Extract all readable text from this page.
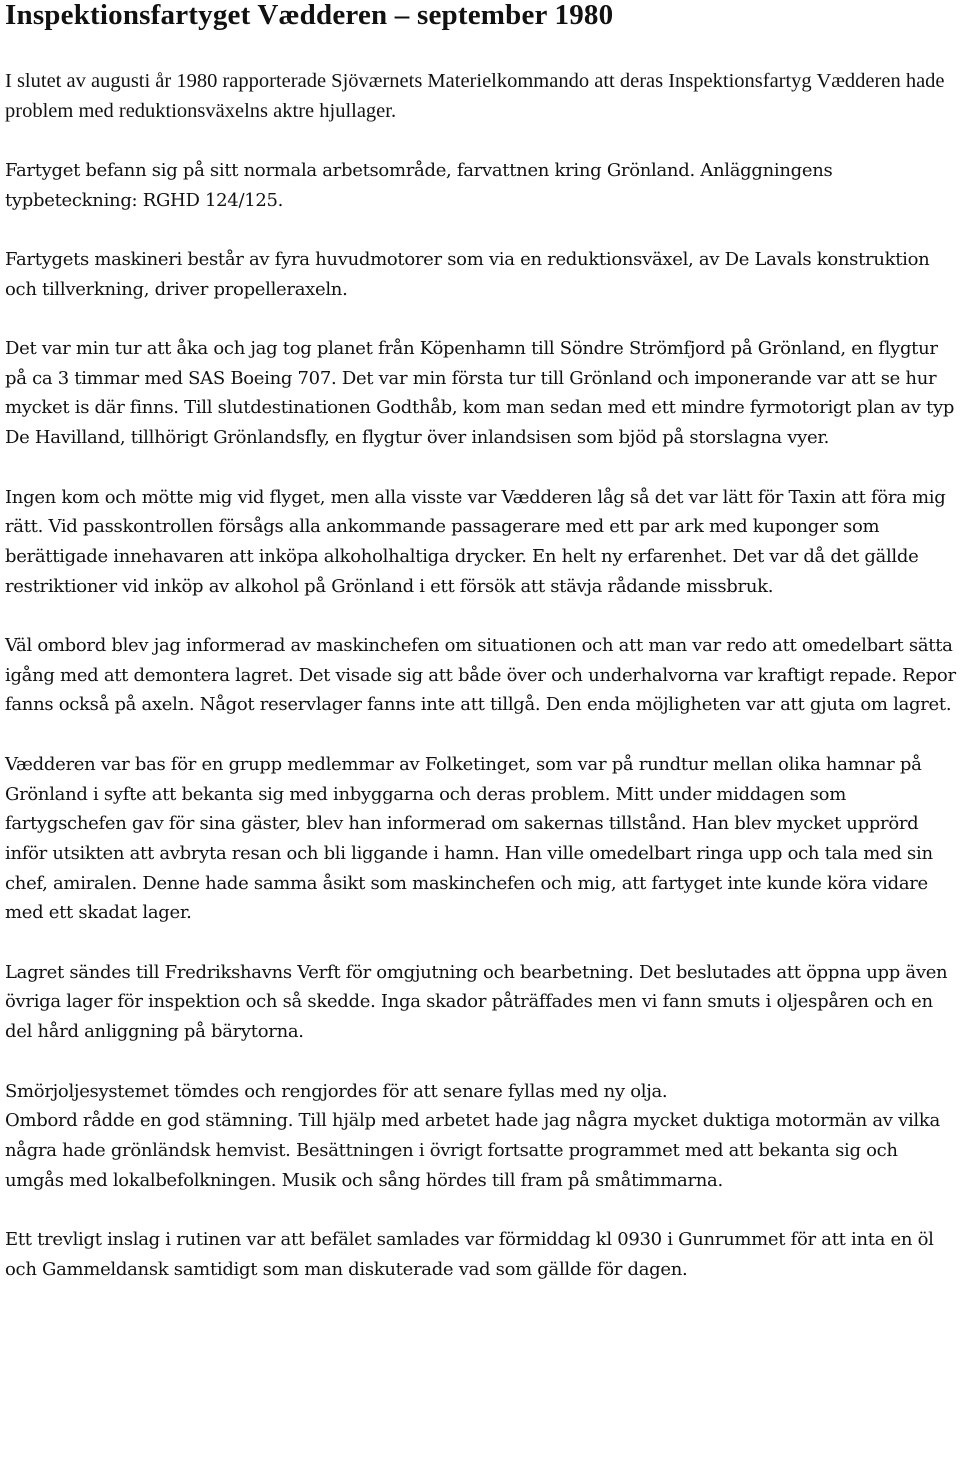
Inspektionsfartyget Vædderen – september 1980

I slutet av augusti år 1980 rapporterade Sjöværnets Materielkommando att deras Inspektionsfartyg Vædderen hade problem med reduktionsväxelns aktre hjullager.

Fartyget befann sig på sitt normala arbetsområde, farvattnen kring Grönland. Anläggningens typbeteckning: RGHD 124/125.

Fartygets maskineri består av fyra huvudmotorer som via en reduktionsväxel, av De Lavals konstruktion och tillverkning, driver propelleraxeln.

Det var min tur att åka och jag tog planet från Köpenhamn till Söndre Strömfjord på Grönland, en flygtur på ca 3 timmar med SAS Boeing 707. Det var min första tur till Grönland och imponerande var att se hur mycket is där finns. Till slutdestinationen Godthåb, kom man sedan med ett mindre fyrmotorigt plan av typ De Havilland, tillhörigt Grönlandsfly, en flygtur över inlandsisen som bjöd på storslagna vyer.

Ingen kom och mötte mig vid flyget, men alla visste var Vædderen låg så det var lätt för Taxin att föra mig rätt. Vid passkontrollen försågs alla ankommande passagerare med ett par ark med kuponger som berättigade innehavaren att inköpa alkoholhaltiga drycker. En helt ny erfarenhet. Det var då det gällde restriktioner vid inköp av alkohol på Grönland i ett försök att stävja rådande missbruk.

Väl ombord blev jag informerad av maskinchefen om situationen och att man var redo att omedelbart sätta igång med att demontera lagret. Det visade sig att både över och underhalvorna var kraftigt repade. Repor fanns också på axeln. Något reservlager fanns inte att tillgå. Den enda möjligheten var att gjuta om lagret.

Vædderen var bas för en grupp medlemmar av Folketinget, som var på rundtur mellan olika hamnar på Grönland i syfte att bekanta sig med inbyggarna och deras problem. Mitt under middagen som fartygschefen gav för sina gäster, blev han informerad om sakernas tillstånd. Han blev mycket upprörd inför utsikten att avbryta resan och bli liggande i hamn. Han ville omedelbart ringa upp och tala med sin chef, amiralen. Denne hade samma åsikt som maskinchefen och mig, att fartyget inte kunde köra vidare med ett skadat lager.

Lagret sändes till Fredrikshavns Verft för omgjutning och bearbetning. Det beslutades att öppna upp även övriga lager för inspektion och så skedde. Inga skador påträffades men vi fann smuts i oljespåren och en del hård anliggning på bärytorna.

Smörjoljesystemet tömdes och rengjordes för att senare fyllas med ny olja.

Ombord rådde en god stämning. Till hjälp med arbetet hade jag några mycket duktiga motormän av vilka några hade grönländsk hemvist. Besättningen i övrigt fortsatte programmet med att bekanta sig och umgås med lokalbefolkningen. Musik och sång hördes till fram på småtimmarna.

Ett trevligt inslag i rutinen var att befälet samlades var förmiddag kl 0930 i Gunrummet för att inta en öl och Gammeldansk samtidigt som man diskuterade vad som gällde för dagen.
